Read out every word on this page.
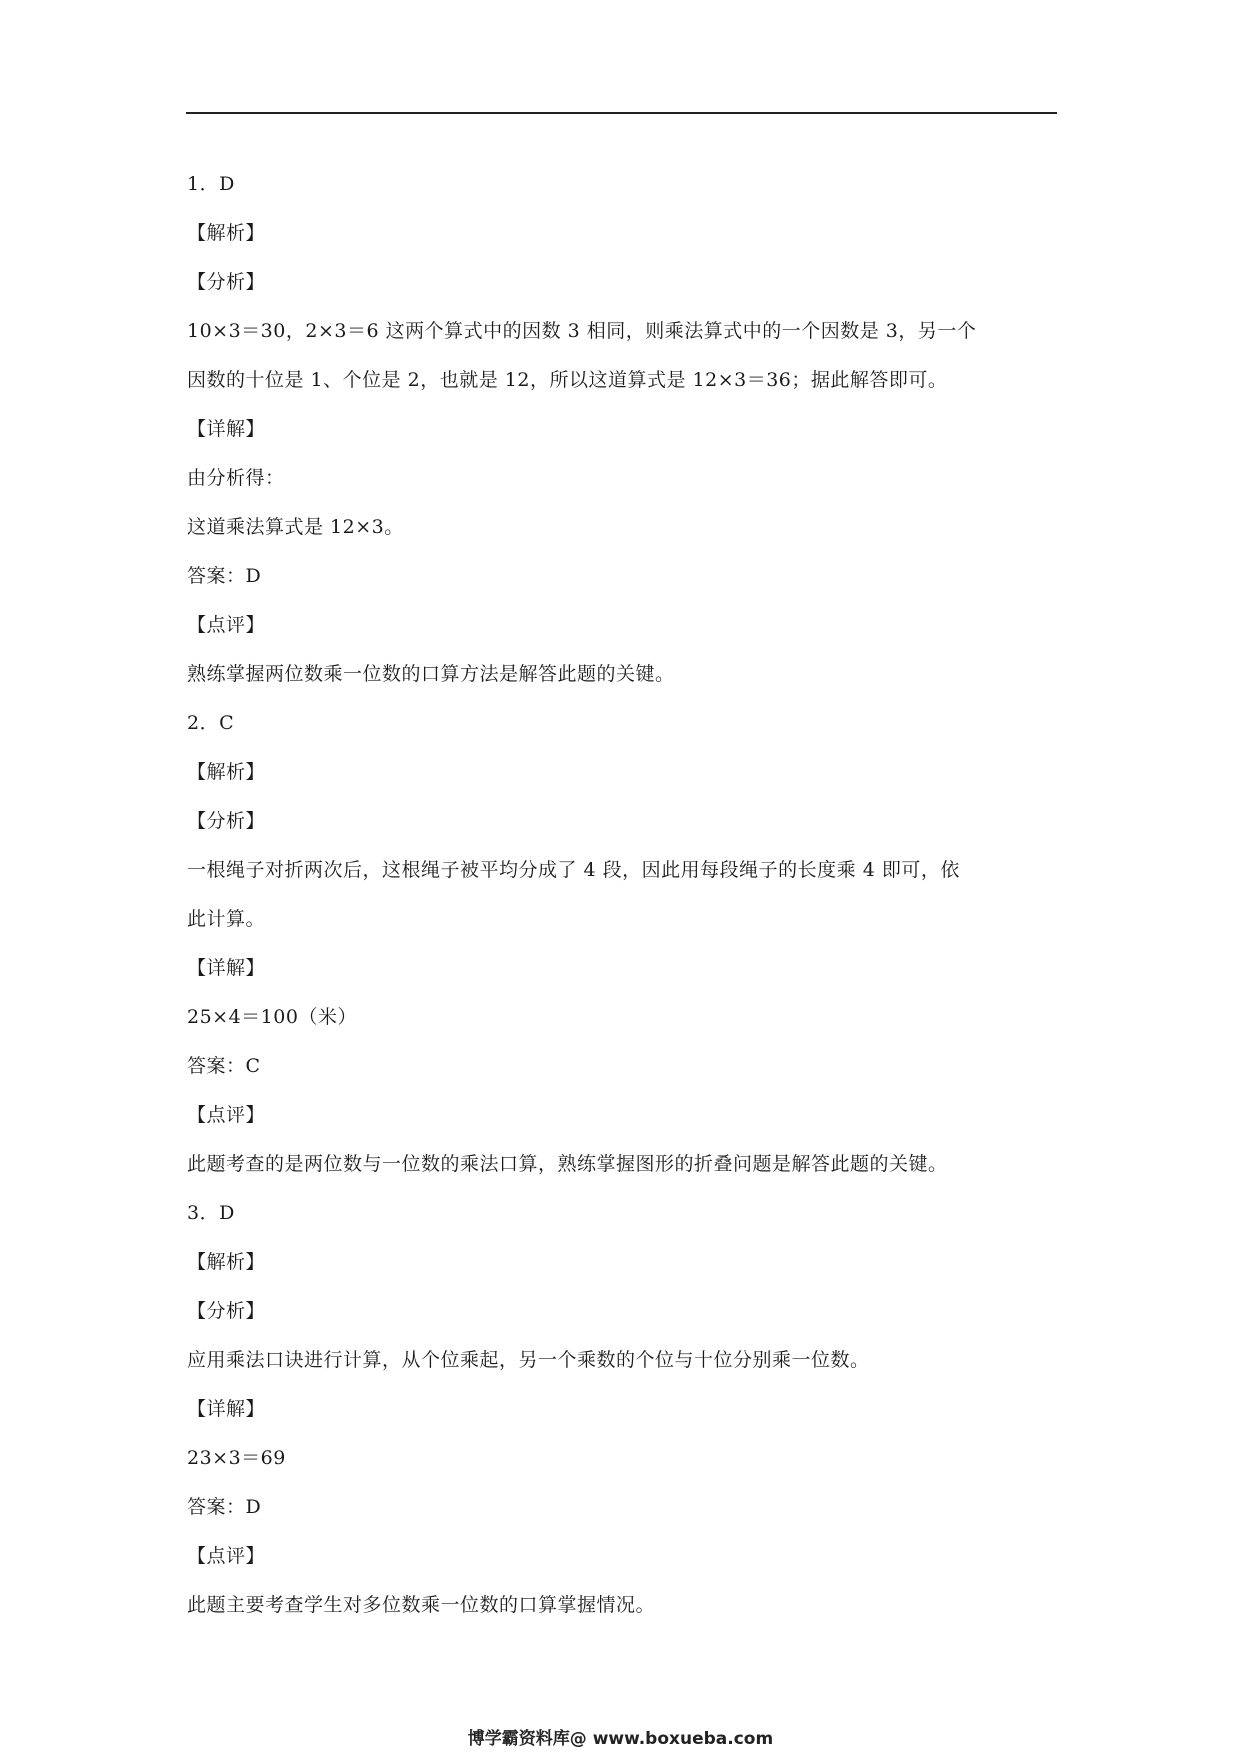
1．D
【解析】
【分析】
10×3＝30，2×3＝6 这两个算式中的因数 3 相同，则乘法算式中的一个因数是 3，另一个
因数的十位是 1、个位是 2，也就是 12，所以这道算式是 12×3＝36；据此解答即可。
【详解】
由分析得：
这道乘法算式是 12×3。
答案：D
【点评】
熟练掌握两位数乘一位数的口算方法是解答此题的关键。
2．C
【解析】
【分析】
一根绳子对折两次后，这根绳子被平均分成了 4 段，因此用每段绳子的长度乘 4 即可，依
此计算。
【详解】
25×4＝100（米）
答案：C
【点评】
此题考查的是两位数与一位数的乘法口算，熟练掌握图形的折叠问题是解答此题的关键。
3．D
【解析】
【分析】
应用乘法口诀进行计算，从个位乘起，另一个乘数的个位与十位分别乘一位数。
【详解】
23×3＝69
答案：D
【点评】
此题主要考查学生对多位数乘一位数的口算掌握情况。
博学霸资料库@ www.boxueba.com
